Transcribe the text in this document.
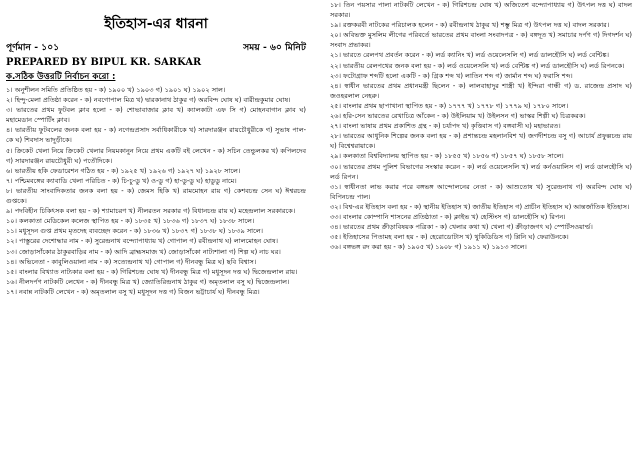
ইতিহাস-এর ধারনা
পূর্ণমান - ১০১	সময় - ৬০ মিনিট
PREPARED BY BIPUL KR. SARKAR
ক.সঠিক উত্তরটি নির্বাচন করো :
১। অনুশীলন সমিতি প্রতিষ্ঠিত হয় - ক) ১৯০০ খ) ১৯০৩ গ) ১৯০১ ঘ) ১৯০২ সাল।
২। হিন্দু-মেলা প্রতিষ্ঠা করেন - ক) নবগোপাল মিত্র খ) দ্বারকানাথ ঠাকুর গ) অরবিন্দ ঘোষ ঘ) বারীন্দ্রকুমার ঘোষ।
৩। ভারতের প্রথম ফুটবল ক্লাব হলো - ক) শোভাবাজার ক্লাব খ) ক্যালকাটা এফ সি গ) মোহনবাগান ক্লাব ঘ) মহামেডান স্পোর্টিং ক্লাব।
৪। ভারতীয় ফুটবলের জনক বলা হয় - ক) নগেন্দ্রপ্রসাদ সর্বাধিকারীকে খ) সারদারঞ্জন রায়চৌধুরীকে গ) সুভাষ পাল-কে ঘ) শিবদাস ভাদুড়ীকে।
৫। ক্রিকেট খেলা নিয়ে ক্রিকেট খেলার নিয়মকানুন নিয়ে প্রথম একটি বই লেখেন - ক) সচিন তেন্ডুলকর খ) কপিলদেব গ) সারদারঞ্জন রায়চৌধুরী ঘ) পতৌদিকে।
৬। ভারতীয় হকি ফেডারেশন গঠিত হয় - ক) ১৯২৫ খ) ১৯২৬ গ) ১৯২৭ ঘ) ১৯২৮ সালে।
৭। পশ্চিমবঙ্গের ক্যাবাডি খেলা পরিচিত - ক) চি-চু-ডু খ) ও-ডু গ) হা-ডু-ডু ঘ) হাডুডু নামে।
৮। ভারতীয় সাংবাদিকতার জনক বলা হয় - ক) জেমস হিকি খ) রামমোহন রায় গ) কেশবচন্দ্র সেন ঘ) ঈশ্বরচন্দ্র গুপ্তকে।
৯। পদবিহীন চিকিৎসক বলা হয় - ক) শ্যামাচরণ খ) নীলরতন সরকার গ) বিধানচন্দ্র রায় ঘ) মহেন্দ্রলাল সরকারকে।
১০। কলকাতা মেডিকেল কলেজ স্থাপিত হয় - ক) ১৮৩৫ খ) ১৮৩৬ গ) ১৮৩৭ ঘ) ১৮৩৮ সালে।
১১। মধুসূদন গুপ্ত প্রথম মৃতদেহ ব্যবচ্ছেদ করেন - ক) ১৮৩৬ খ) ১৮৩৭ গ) ১৮৩৮ ঘ) ১৮৩৯ সালে।
১২। পাস্তুরের দেশোদ্ধার নাম - ক) সুরেন্দ্রনাথ বন্দ্যোপাধ্যায় খ) গোপাল গ) রবীন্দ্রনাথ ঘ) লালমোহন ঘোষ।
১৩। জোড়াসাঁকোর ঠাকুরবাড়ির নাম - ক) আদি ব্রাহ্মসমাজ খ) জোড়াসাঁকো নাট্যশালা গ) শিল্প ঘ) নাচ ঘর।
১৪। অভিনেতা - কাবুলিওয়ালা নাম - ক) সত্যেন্দ্রনাথ খ) গোপাল গ) দীনবন্ধু মিত্র ঘ) ছবি বিশ্বাস।
১৫। বাংলার বিখ্যাত নাট্যকার বলা হয় - ক) গিরিশচন্দ্র ঘোষ খ) দীনবন্ধু মিত্র গ) মধুসূদন দত্ত ঘ) দ্বিজেন্দ্রলাল রায়।
১৬। নীলদর্পণ নাটকটি লেখেন - ক) দীনবন্ধু মিত্র খ) জ্যোতিরিন্দ্রনাথ ঠাকুর গ) অমৃতলাল বসু ঘ) দ্বিজেন্দ্রলাল।
১৭। নবান্ন নাটকটি লেখেন - ক) অমৃতলাল বসু খ) মধুসূদন দত্ত গ) বিজন ভট্টাচার্য ঘ) দীনবন্ধু মিত্র।
১৮। তিন পয়সার পালা নাটকটি লেখেন - ক) গিরিশচন্দ্র ঘোষ খ) অজিতেশ বন্দ্যোপাধ্যায় গ) উৎপল দত্ত ঘ) বাদল সরকার।
১৯। রক্তকরবী নাটকের পরিচালক হলেন - ক) রবীন্দ্রনাথ ঠাকুর খ) শম্ভু মিত্র গ) উৎপল দত্ত ঘ) বাদল সরকার।
২০। অবিভক্ত মুসলিম লীগের পরিবর্তে ভারতের প্রথম বাংলা সংবাদপত্র - ক) বঙ্গদূত খ) সমাচার দর্পণ গ) দিগদর্শন ঘ) সংবাদ প্রভাকর।
২১। ভারতে রেলপথ প্রবর্তন করেন - ক) লর্ড ক্যানিং খ) লর্ড ওয়েলেসলি গ) লর্ড ডালহৌসি ঘ) লর্ড বেন্টিঙ্ক।
২২। ভারতীয় রেলপথের জনক বলা হয় - ক) লর্ড ওয়েলেসলি খ) লর্ড বেন্টিঙ্ক গ) লর্ড ডালহৌসি ঘ) লর্ড রিপনকে।
২৩। ফটোগ্রাফ শব্দটি হলো একটি - ক) গ্রিক শব্দ খ) লাতিন শব্দ গ) জার্মান শব্দ ঘ) ফরাসি শব্দ।
২৪। স্বাধীন ভারতের প্রথম প্রধানমন্ত্রী ছিলেন - ক) লালবাহাদুর শাস্ত্রী খ) ইন্দিরা গান্ধী গ) ড. রাজেন্দ্র প্রসাদ ঘ) জওহরলাল নেহরু।
২৫। বাংলার প্রথম ছাপাখানা স্থাপিত হয় - ক) ১৭৭৭ খ) ১৭৭৮ গ) ১৭৭৯ ঘ) ১৭৮০ সালে।
২৬। হরি-সেন ভারতের রেখাচিত্র আঁকেন - ক) উইলিয়াম খ) উইলসন গ) ভাস্কর শিল্পী ঘ) চিত্রকরক।
২৭। বাংলা ভাষায় প্রথম প্রকাশিত গ্রন্থ - ক) চর্যাপদ খ) কৃত্তিবাস গ) বঙ্গবাসী ঘ) মহাভারত।
২৮। ভারতের আধুনিক শিল্পের জনক বলা হয় - ক) প্রশান্তচন্দ্র মহলানবিশ খ) জগদীশচন্দ্র বসু গ) আচার্য প্রফুল্লচন্দ্র রায় ঘ) বিশ্বেশ্বরায়াকে।
২৯। কলকাতা বিশ্ববিদ্যালয় স্থাপিত হয় - ক) ১৮৫৫ খ) ১৮৫৬ গ) ১৮৫৭ ঘ) ১৮৫৮ সালে।
৩০। ভারতের প্রথম পুলিশ বিভাগের সংস্কার করেন - ক) লর্ড ওয়েলেসলি খ) লর্ড কর্নওয়ালিস গ) লর্ড ডালহৌসি ঘ) লর্ড রিপন।
৩১। স্বাধীনতা লাভ করার পরে বঙ্গভঙ্গ আন্দোলনের নেতা - ক) আশুতোষ খ) সুরেন্দ্রনাথ গ) অরবিন্দ ঘোষ ঘ) বিপিনচন্দ্র পাল।
৩২। বিশ্ব-এর ইতিহাস বলা হয় - ক) স্থানীয় ইতিহাস খ) জাতীয় ইতিহাস গ) প্রাচীন ইতিহাস ঘ) আন্তর্জাতিক ইতিহাস।
৩৩। বাংলার কোম্পানি শাসনের প্রতিষ্ঠাতা - ক) ক্লাইভ খ) হেস্টিংস গ) ডালহৌসি ঘ) রিপন।
৩৪। ভারতের প্রথম ক্রীড়াবিষয়ক পত্রিকা - ক) খেলার কথা খ) খেলা গ) ক্রীড়াজগৎ ঘ) স্পোর্টসওয়ার্ল্ড।
৩৫। ইতিহাসের পিতামহ বলা হয় - ক) হেরোডোটাস খ) থুকিডিডিস গ) প্লিনি ঘ) ফেরাউনকে।
৩৬। বঙ্গভঙ্গ রদ করা হয় - ক) ১৯০৫ খ) ১৯০৮ গ) ১৯১১ ঘ) ১৯১৩ সালে।
